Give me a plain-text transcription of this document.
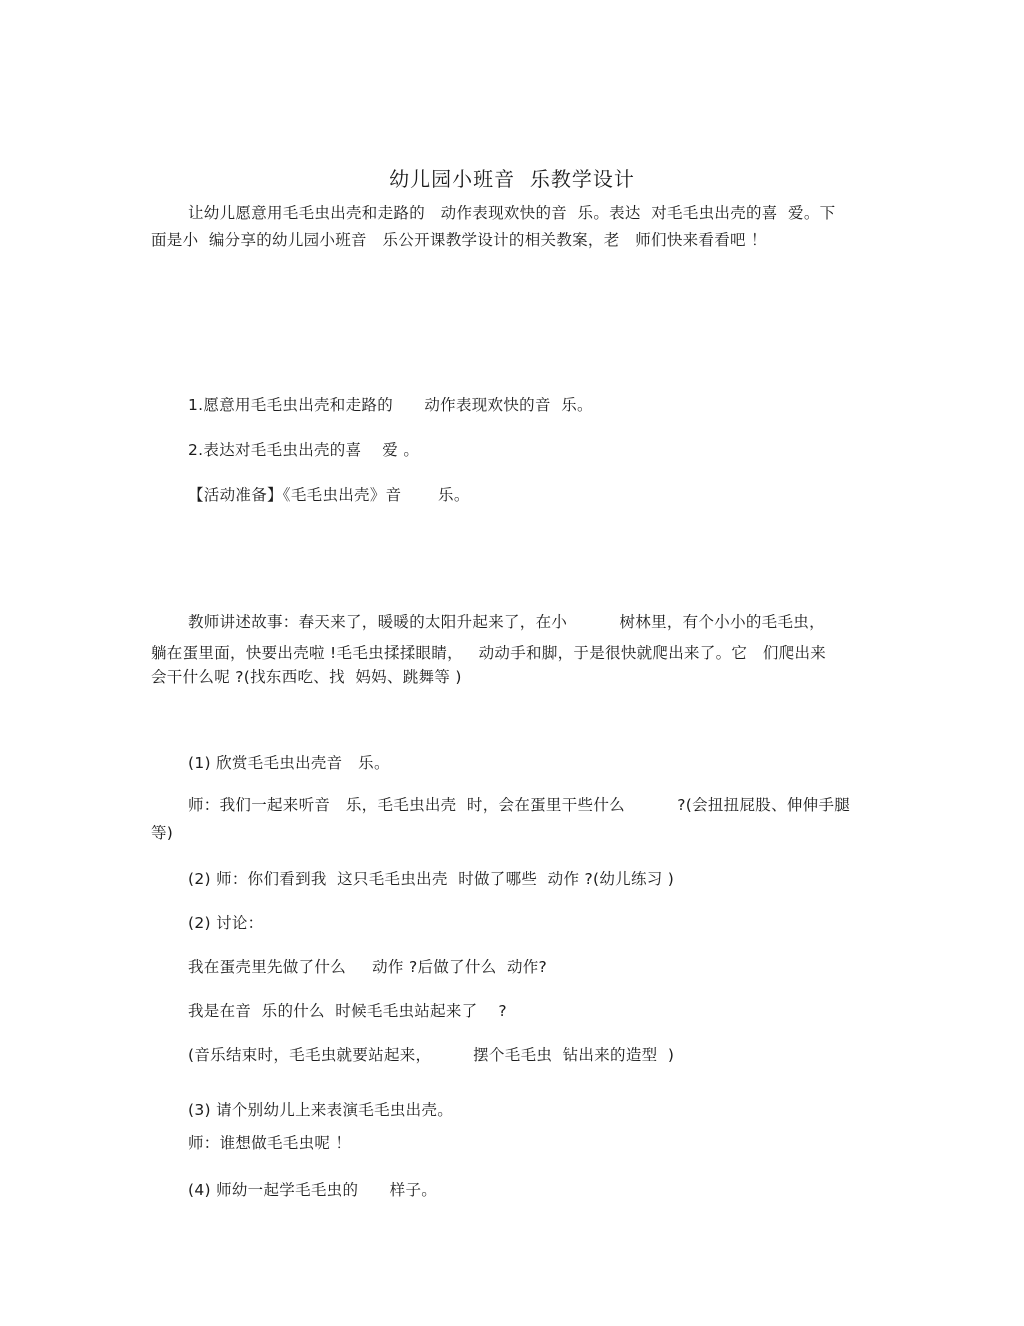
幼儿园小班音  乐教学设计
让幼儿愿意用毛毛虫出壳和走路的   动作表现欢快的音  乐。表达  对毛毛虫出壳的喜  爱。下
面是小  编分享的幼儿园小班音   乐公开课教学设计的相关教案，老   师们快来看看吧 ！
1.愿意用毛毛虫出壳和走路的      动作表现欢快的音  乐。
2.表达对毛毛虫出壳的喜    爱 。
【活动准备】《毛毛虫出壳》音       乐。
教师讲述故事：春天来了，暖暖的太阳升起来了，在小          树林里，有个小小的毛毛虫，
躺在蛋里面，快要出壳啦 !毛毛虫揉揉眼睛，   动动手和脚，于是很快就爬出来了。它   们爬出来
会干什么呢 ?(找东西吃、找  妈妈、跳舞等 )
(1) 欣赏毛毛虫出壳音   乐。
师：我们一起来听音   乐，毛毛虫出壳  时，会在蛋里干些什么          ?(会扭扭屁股、伸伸手腿
等)
(2) 师：你们看到我  这只毛毛虫出壳  时做了哪些  动作 ?(幼儿练习 )
(2) 讨论：
我在蛋壳里先做了什么     动作 ?后做了什么  动作?
我是在音  乐的什么  时候毛毛虫站起来了    ?
(音乐结束时，毛毛虫就要站起来，        摆个毛毛虫  钻出来的造型  )
(3) 请个别幼儿上来表演毛毛虫出壳。
师：谁想做毛毛虫呢 ！
(4) 师幼一起学毛毛虫的      样子。
